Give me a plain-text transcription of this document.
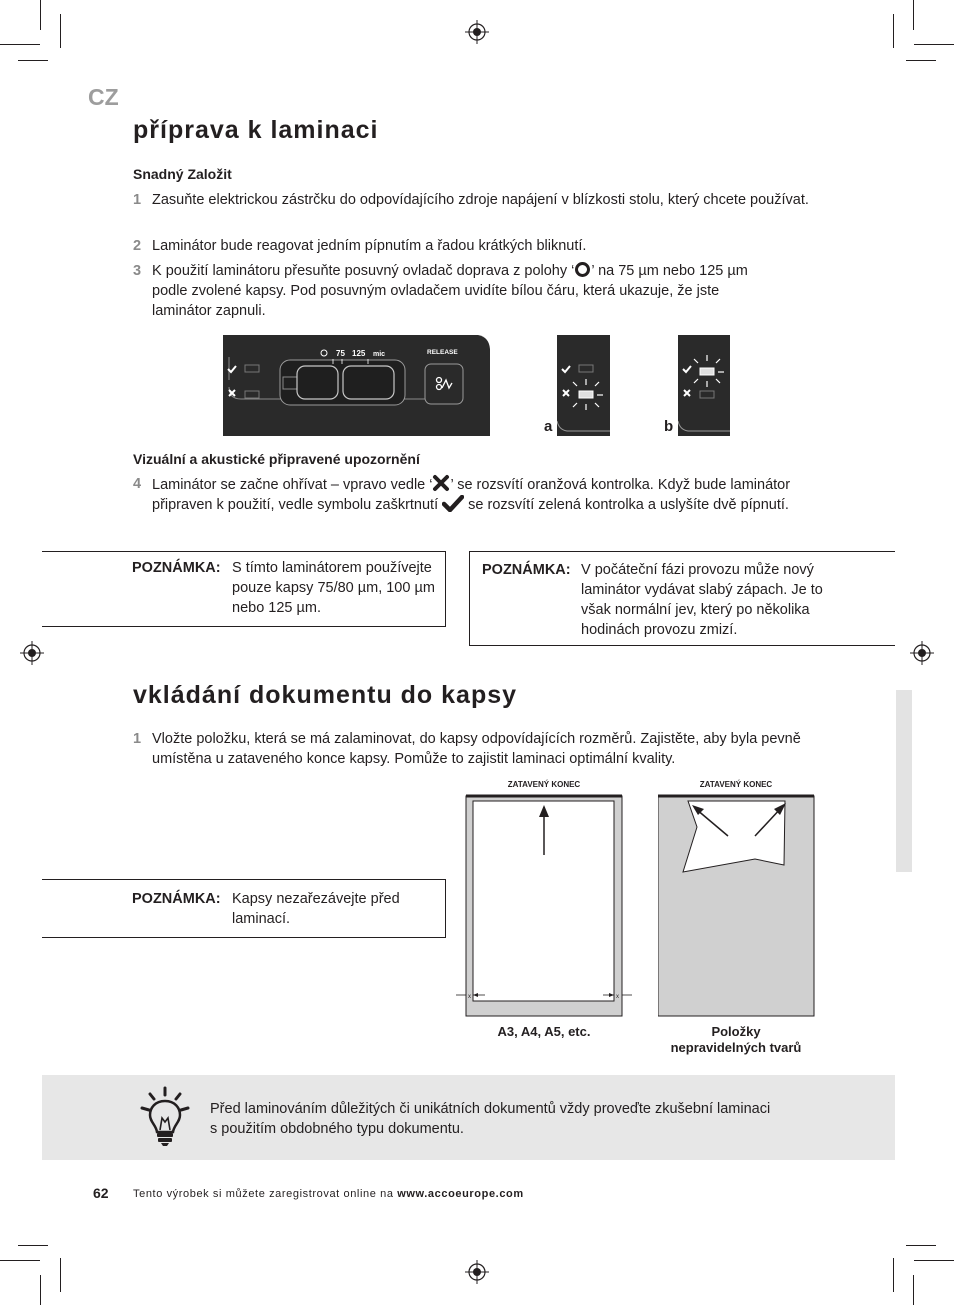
CZ
příprava k laminaci
Snadný Založit
1 Zasuňte elektrickou zástrčku do odpovídajícího zdroje napájení v blízkosti stolu, který chcete používat.
2 Laminátor bude reagovat jedním pípnutím a řadou krátkých bliknutí.
3 K použití laminátoru přesuňte posuvný ovladač doprava z polohy ‘ ’ na 75 µm nebo 125 µm podle zvolené kapsy. Pod posuvným ovladačem uvidíte bílou čáru, která ukazuje, že jste laminátor zapnuli.
75 125 mic	RELEASE
a	b
Vizuální a akustické připravené upozornění
4 Laminátor se začne ohřívat – vpravo vedle ‘ ’ se rozsvítí oranžová kontrolka. Když bude laminátor připraven k použití, vedle symbolu zaškrtnutí  se rozsvítí zelená kontrolka a uslyšíte dvě pípnutí.
POZNÁMKA: S tímto laminátorem používejte pouze kapsy 75/80 µm, 100 µm nebo 125 µm.
POZNÁMKA: V počáteční fázi provozu může nový laminátor vydávat slabý zápach. Je to však normální jev, který po několika hodinách provozu zmizí.
vkládání dokumentu do kapsy
1 Vložte položku, která se má zalaminovat, do kapsy odpovídajících rozměrů. Zajistěte, aby byla pevně umístěna u zataveného konce kapsy. Pomůže to zajistit laminaci optimální kvality.
POZNÁMKA: Kapsy nezařezávejte před laminací.
ZATAVENÝ KONEC
x	x
A3, A4, A5, etc.
ZATAVENÝ KONEC
Položky
nepravidelných tvarů
Před laminováním důležitých či unikátních dokumentů vždy proveďte zkušební laminaci
s použitím obdobného typu dokumentu.
62 Tento výrobek si můžete zaregistrovat online na www.accoeurope.com
